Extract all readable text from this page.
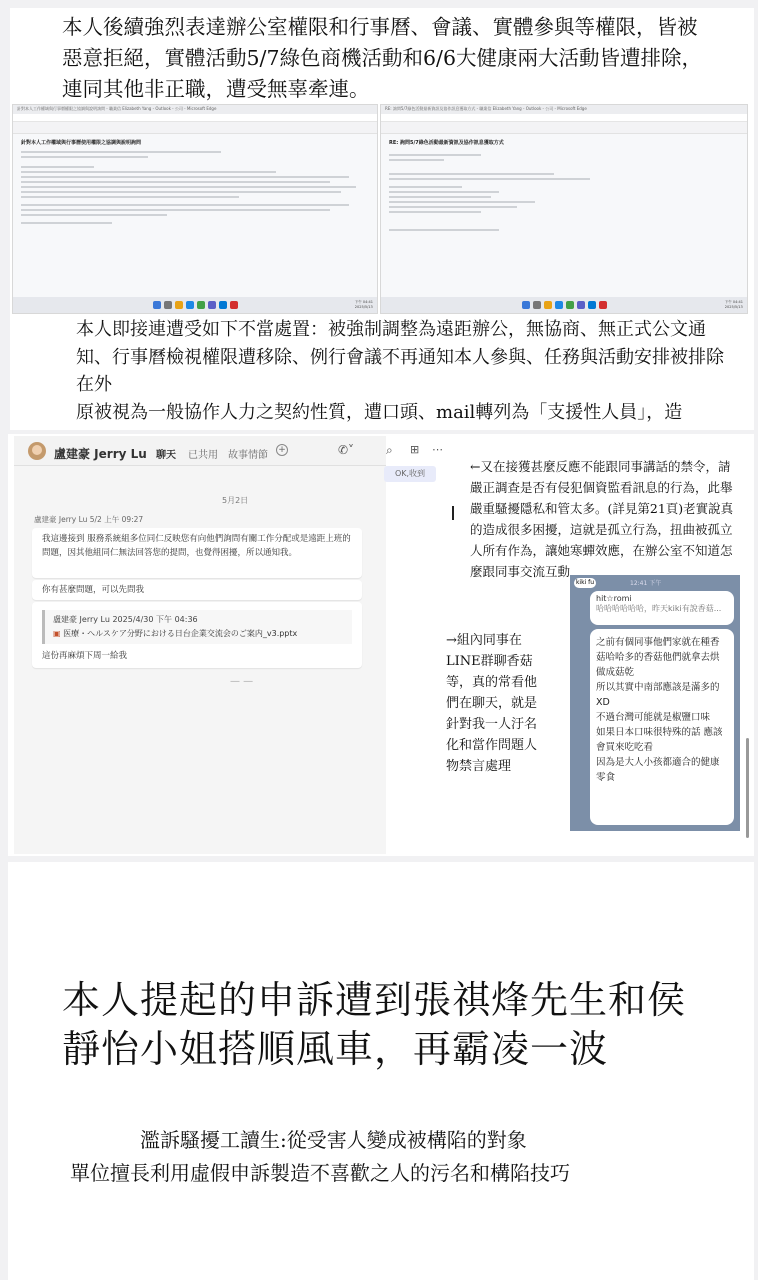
本人後續強烈表達辦公室權限和行事曆、會議、實體參與等權限，皆被惡意拒絕，實體活動5/7綠色商機活動和6/6大健康兩大活動皆遭排除，連同其他非正職，遭受無辜牽連。
針對本人工作權域與行事曆權限之協調與說明詢問 - 職業信 Elizabeth Yang - Outlook - 公司 - Microsoft Edge
針對本人工作權域與行事曆使用權限之協調與說明詢問
下午 04:41
2025/5/13
RE: 詢問5/7綠色活動最新資訊及協作訊息獲取方式 - 職業信 Elizabeth Yang - Outlook - 公司 - Microsoft Edge
RE: 詢問5/7綠色活動最新資訊及協作訊息獲取方式
下午 04:41
2025/5/13
本人即接連遭受如下不當處置：被強制調整為遠距辦公，無協商、無正式公文通知、行事曆檢視權限遭移除、例行會議不再通知本人參與、任務與活動安排被排除在外
原被視為一般協作人力之契約性質，遭口頭、mail轉列為「支援性人員」，造
盧建豪 Jerry Lu 聊天 已共用 故事情節 +	✆˅	⌕ ⊞ ⋯
OK,收到
5月2日
盧建豪 Jerry Lu 5/2 上午 09:27
我這邊接到 服務系統組多位同仁反映您有向他們詢問有關工作分配或是遠距上班的問題，因其他組同仁無法回答您的提問，也覺得困擾，所以通知我。
你有甚麼問題，可以先問我
盧建豪 Jerry Lu 2025/4/30 下午 04:36
▣ 医療・ヘルスケア分野における日台企業交流会のご案内_v3.pptx
這份再麻煩下周一給我
— —
←又在接獲甚麼反應不能跟同事講話的禁令，請嚴正調查是否有侵犯個資監看訊息的行為，此舉嚴重騷擾隱私和管太多。(詳見第21頁)老實說真的造成很多困擾，這就是孤立行為，扭曲被孤立人所有作為，讓她寒蟬效應，在辦公室不知道怎麼跟同事交流互動
→組內同事在LINE群聊香菇等，真的常看他們在聊天，就是針對我一人汙名化和當作問題人物禁言處理
kiki fu	12:41 下午
hit☆romi
哈哈哈哈哈哈，昨天kiki有說香菇...
之前有個同事他們家就在種香菇哈哈多的香菇他們就拿去烘做成菇乾
所以其實中南部應該是滿多的XD
不過台灣可能就是椒鹽口味
如果日本口味很特殊的話 應該會買來吃吃看
因為是大人小孩都適合的健康零食
本人提起的申訴遭到張祺烽先生和侯靜怡小姐搭順風車，再霸凌一波
濫訴騷擾工讀生:從受害人變成被構陷的對象
單位擅長利用虛假申訴製造不喜歡之人的污名和構陷技巧
